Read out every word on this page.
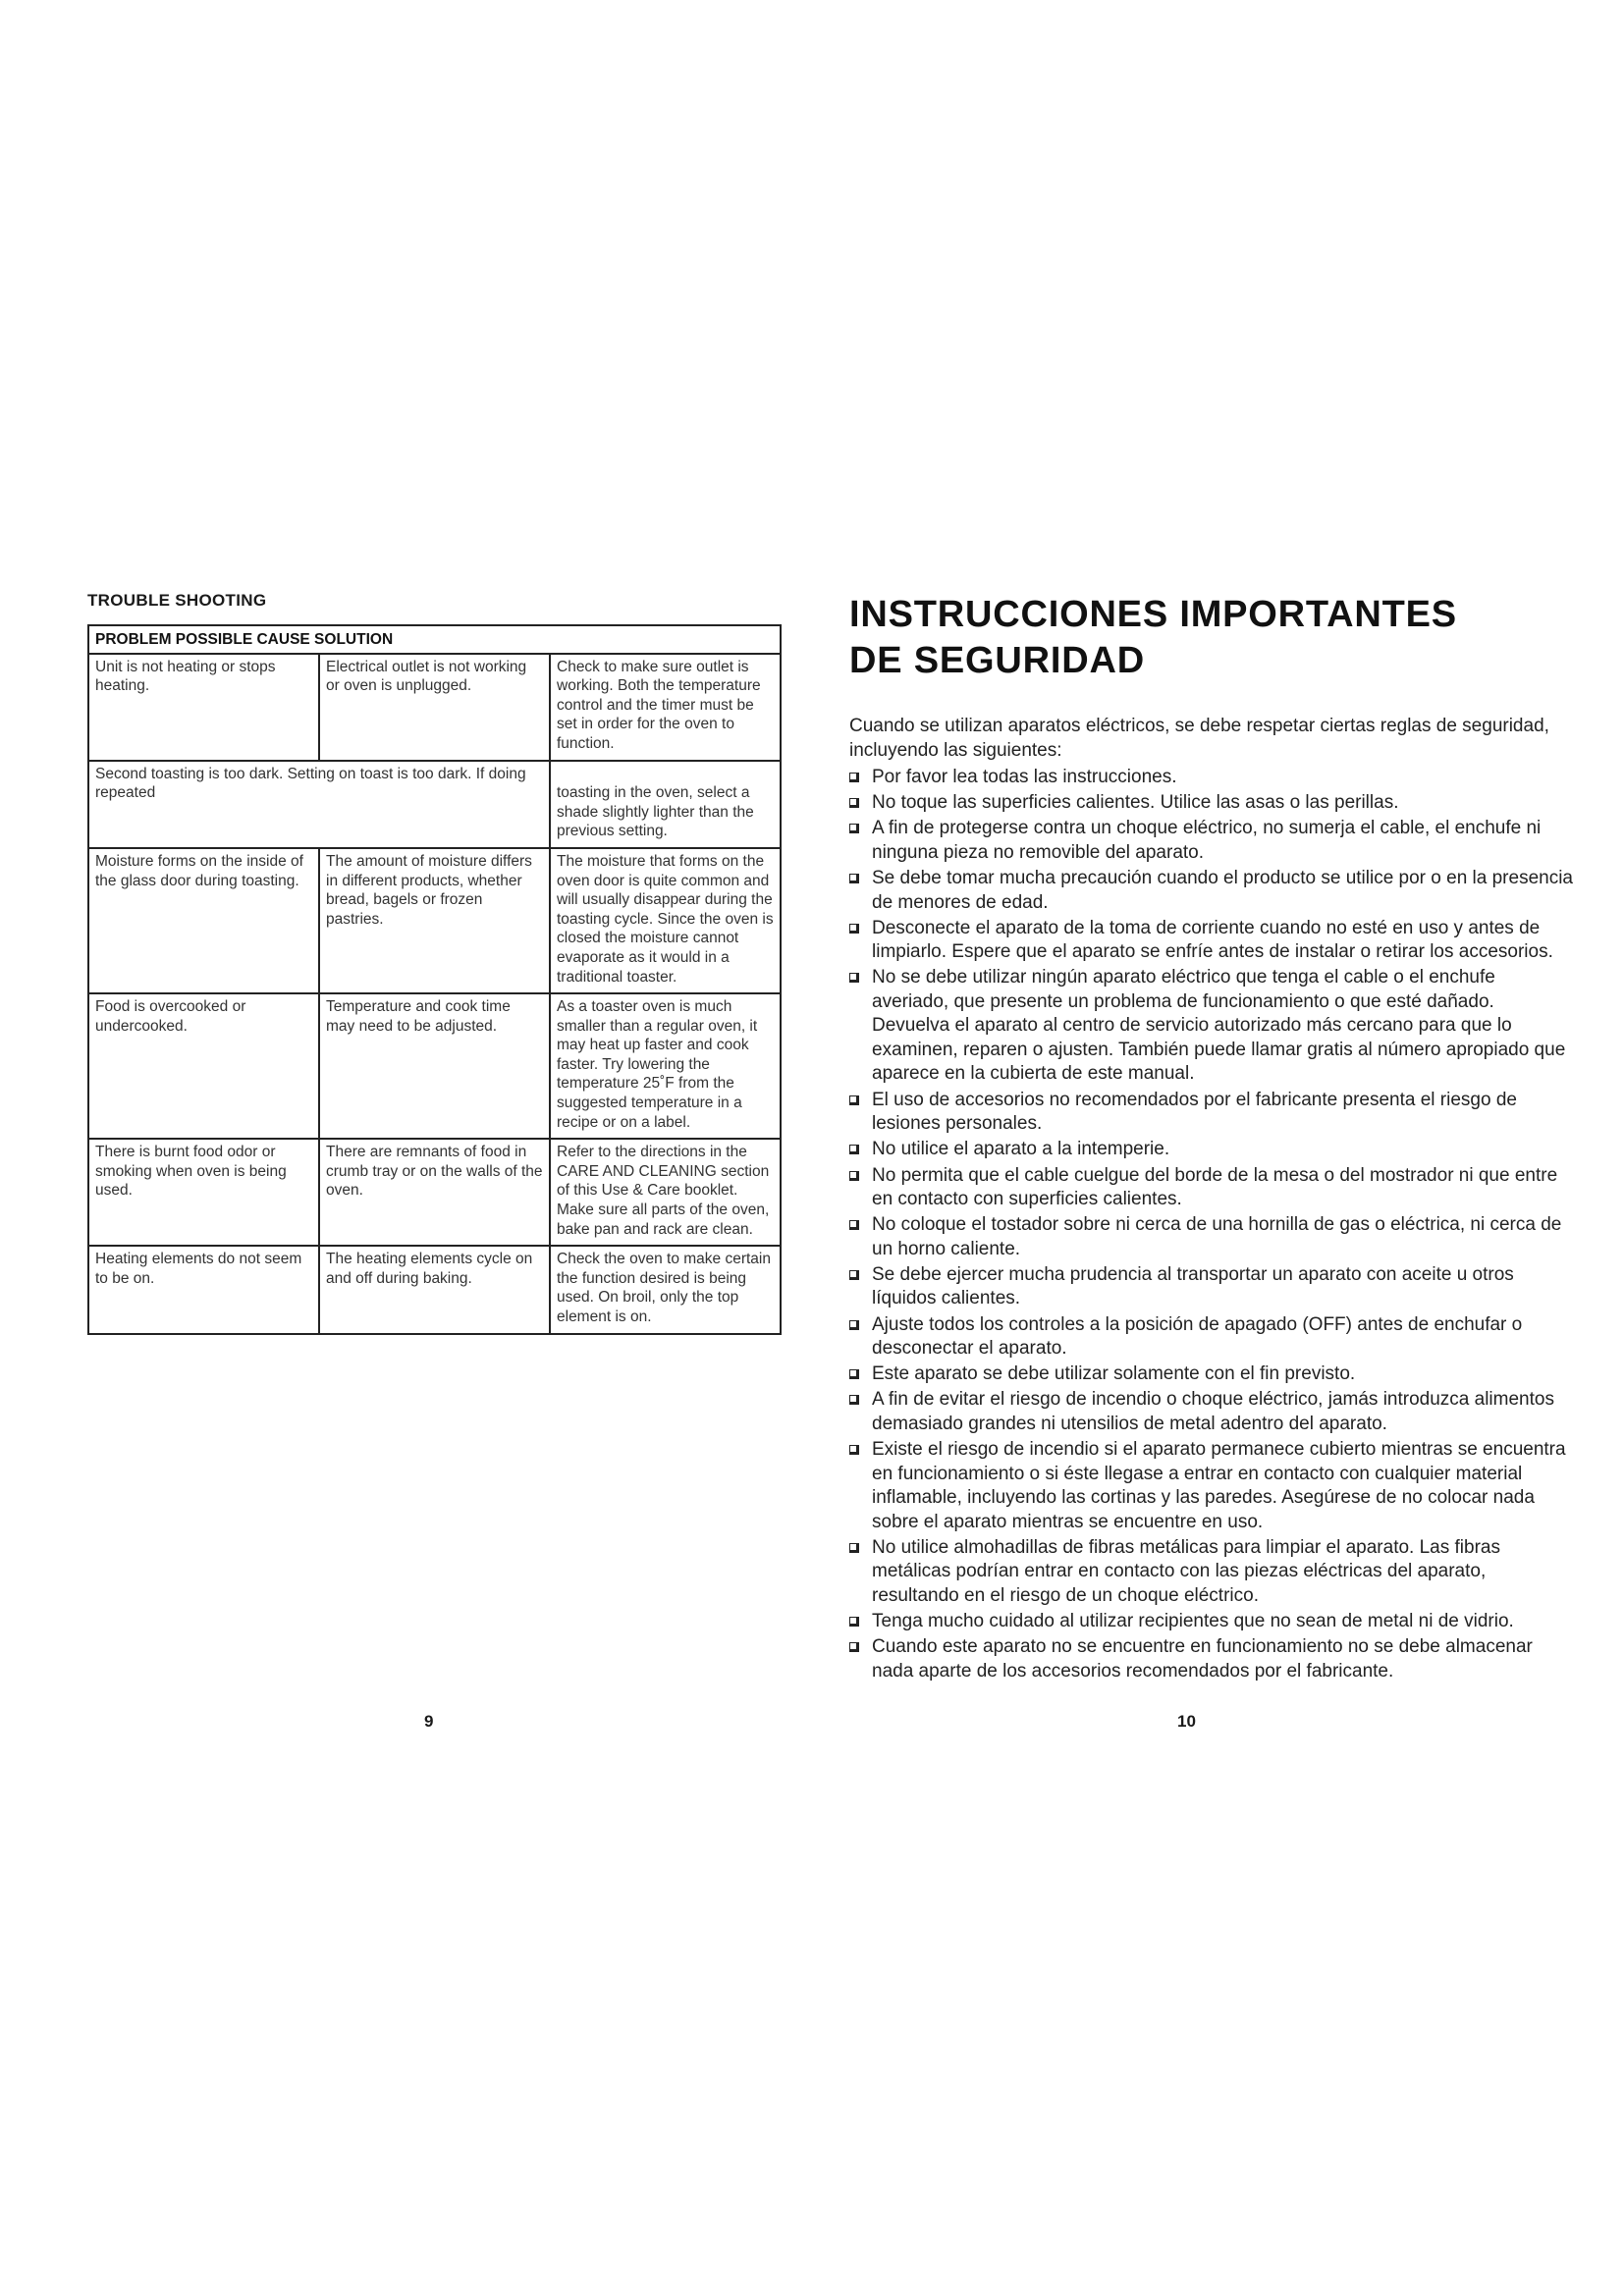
TROUBLE SHOOTING
PROBLEM POSSIBLE CAUSE SOLUTION		
Unit is not heating or stops heating.	Electrical outlet is not working or oven is unplugged.	Check to make sure outlet is working. Both the temperature control and the timer must be set in order for the oven to function.
Second toasting is too dark. Setting on toast is too dark. If doing repeated		toasting in the oven, select a shade slightly lighter than the previous setting.
Moisture forms on the inside of the glass door during toasting.	The amount of moisture differs in different products, whether bread, bagels or frozen pastries.	The moisture that forms on the oven door is quite common and will usually disappear during the toasting cycle. Since the oven is closed the moisture cannot evaporate as it would in a traditional toaster.
Food is overcooked or undercooked.	Temperature and cook time may need to be adjusted.	As a toaster oven is much smaller than a regular oven, it may heat up faster and cook faster. Try lowering the temperature 25˚F from the suggested temperature in a recipe or on a label.
There is burnt food odor or smoking when oven is being used.	There are remnants of food in crumb tray or on the walls of the oven.	Refer to the directions in the CARE AND CLEANING section of this Use & Care booklet. Make sure all parts of the oven, bake pan and rack are clean.
Heating elements do not seem to be on.	The heating elements cycle on and off during baking.	Check the oven to make certain the function desired is being used. On broil, only the top element is on.

9

INSTRUCCIONES IMPORTANTES
DE SEGURIDAD

Cuando se utilizan aparatos eléctricos, se debe respetar ciertas reglas de seguridad, incluyendo las siguientes:

Por favor lea todas las instrucciones.
No toque las superficies calientes. Utilice las asas o las perillas.
A fin de protegerse contra un choque eléctrico, no sumerja el cable, el enchufe ni ninguna pieza no removible del aparato.
Se debe tomar mucha precaución cuando el producto se utilice por o en la presencia de menores de edad.
Desconecte el aparato de la toma de corriente cuando no esté en uso y antes de limpiarlo. Espere que el aparato se enfríe antes de instalar o retirar los accesorios.
No se debe utilizar ningún aparato eléctrico que tenga el cable o el enchufe averiado, que presente un problema de funcionamiento o que esté dañado. Devuelva el aparato al centro de servicio autorizado más cercano para que lo examinen, reparen o ajusten. También puede llamar gratis al número apropiado que aparece en la cubierta de este manual.
El uso de accesorios no recomendados por el fabricante presenta el riesgo de lesiones personales.
No utilice el aparato a la intemperie.
No permita que el cable cuelgue del borde de la mesa o del mostrador ni que entre en contacto con superficies calientes.
No coloque el tostador sobre ni cerca de una hornilla de gas o eléctrica, ni cerca de un horno caliente.
Se debe ejercer mucha prudencia al transportar un aparato con aceite u otros líquidos calientes.
Ajuste todos los controles a la posición de apagado (OFF) antes de enchufar o desconectar el aparato.
Este aparato se debe utilizar solamente con el fin previsto.
A fin de evitar el riesgo de incendio o choque eléctrico, jamás introduzca alimentos demasiado grandes ni utensilios de metal adentro del aparato.
Existe el riesgo de incendio si el aparato permanece cubierto mientras se encuentra en funcionamiento o si éste llegase a entrar en contacto con cualquier material inflamable, incluyendo las cortinas y las paredes. Asegúrese de no colocar nada sobre el aparato mientras se encuentre en uso.
No utilice almohadillas de fibras metálicas para limpiar el aparato. Las fibras metálicas podrían entrar en contacto con las piezas eléctricas del aparato, resultando en el riesgo de un choque eléctrico.
Tenga mucho cuidado al utilizar recipientes que no sean de metal ni de vidrio.
Cuando este aparato no se encuentre en funcionamiento no se debe almacenar nada aparte de los accesorios recomendados por el fabricante.

10
